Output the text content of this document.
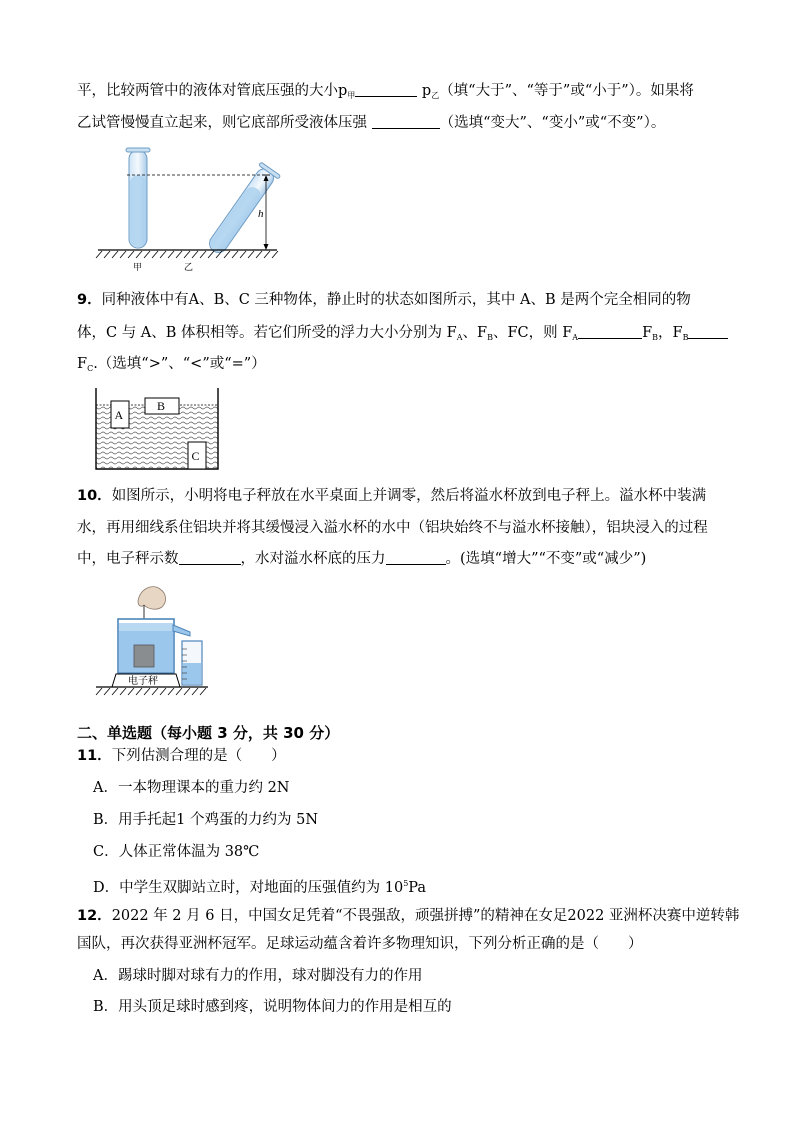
平，比较两管中的液体对管底压强的大小$p_甲$	$p_乙$（填“大于”、“等于”或“小于”）。如果将
乙试管慢慢直立起来，则它底部所受液体压强	（选填“变大”、“变小”或“不变”）。
h
甲	乙
9．同种液体中有A、B、C 三种物体，静止时的状态如图所示，其中 A、B 是两个完全相同的物
体，C 与 A、B 体积相等。若它们所受的浮力大小分别为 $F_A$、$F_B$、FC，则 $F_A$	$F_B$，$F_B$
$F_C$.（选填“>”、“<”或“=”）
A
B
C
10．如图所示，小明将电子秤放在水平桌面上并调零，然后将溢水杯放到电子秤上。溢水杯中装满
水，再用细线系住铝块并将其缓慢浸入溢水杯的水中（铝块始终不与溢水杯接触），铝块浸入的过程
中，电子秤示数	，水对溢水杯底的压力	。(选填“增大”“不变”或“减少”)
电子秤
二、单选题（每小题 3 分，共 30 分）
11．下列估测合理的是（　　）
A．一本物理课本的重力约 2N
B．用手托起1 个鸡蛋的力约为 5N
C．人体正常体温为 38℃
D．中学生双脚站立时，对地面的压强值约为 $10^5Pa$
12．2022 年 2 月 6 日，中国女足凭着“不畏强敌，顽强拼搏”的精神在女足2022 亚洲杯决赛中逆转韩
国队，再次获得亚洲杯冠军。足球运动蕴含着许多物理知识，下列分析正确的是（　　）
A．踢球时脚对球有力的作用，球对脚没有力的作用
B．用头顶足球时感到疼，说明物体间力的作用是相互的
